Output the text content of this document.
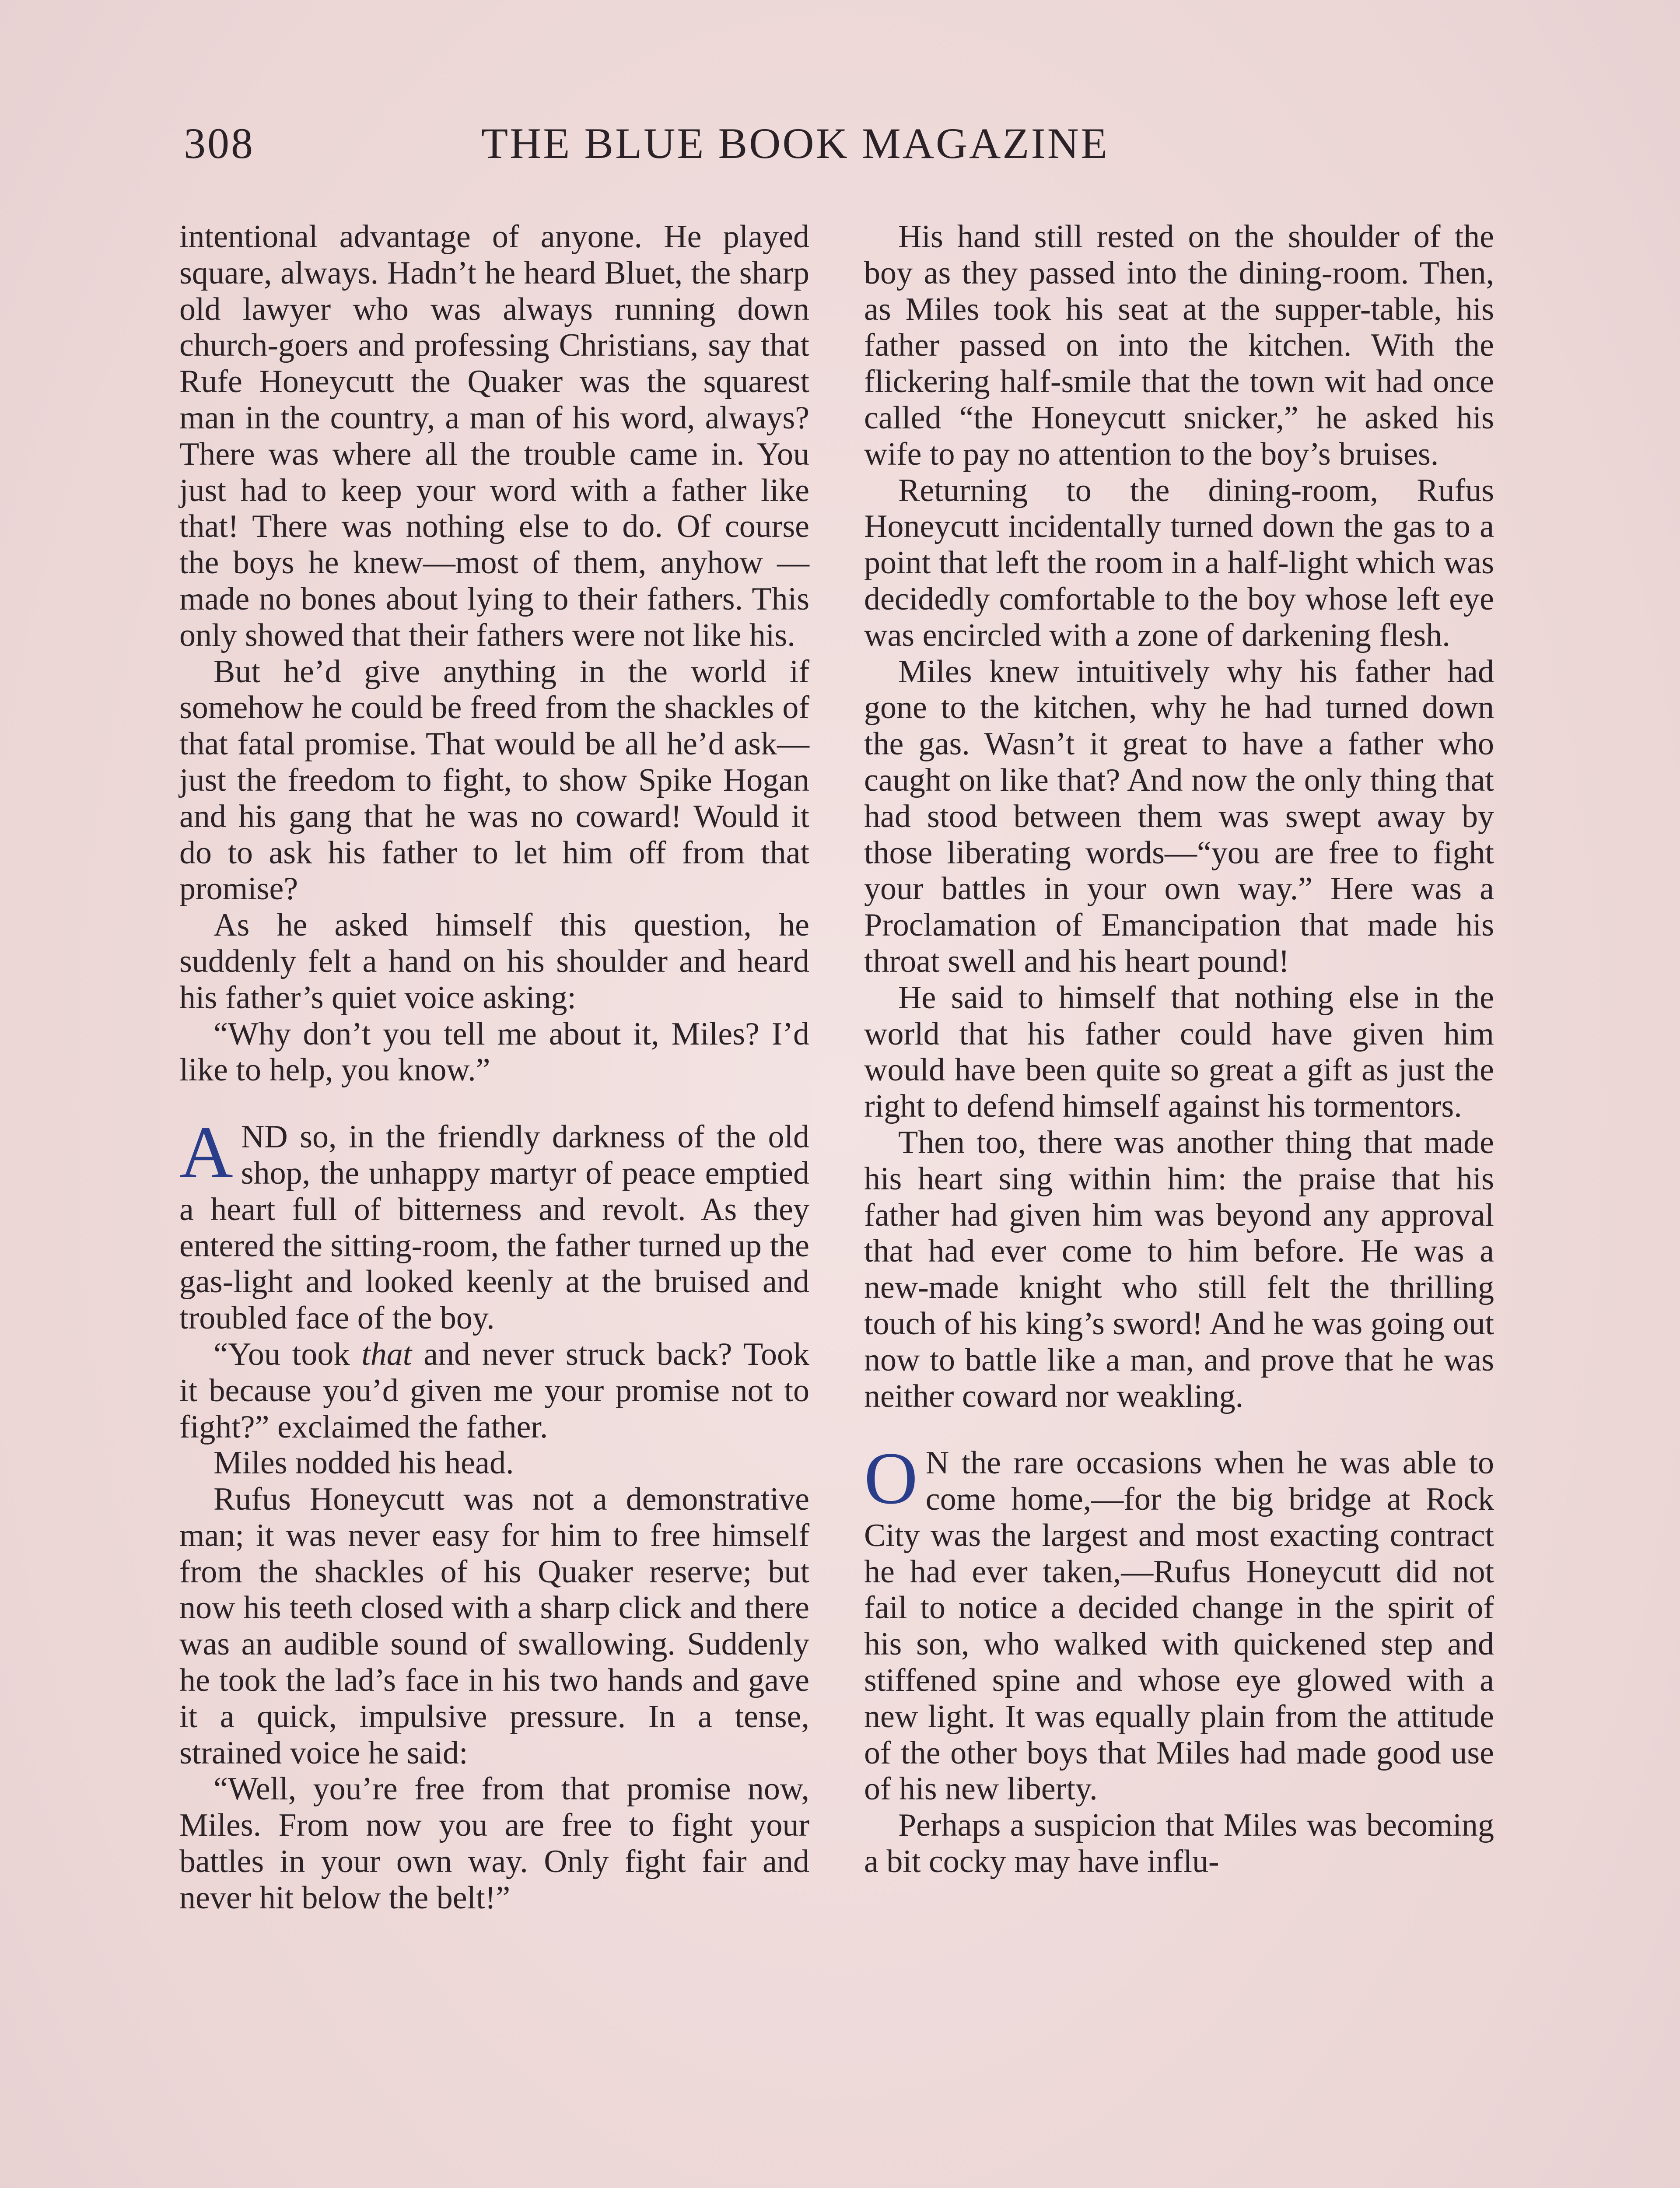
308	THE BLUE BOOK MAGAZINE

intentional advantage of anyone. He played square, always. Hadn’t he heard Bluet, the sharp old lawyer who was always running down church-goers and professing Christians, say that Rufe Honeycutt the Quaker was the squarest man in the country, a man of his word, always? There was where all the trouble came in. You just had to keep your word with a father like that! There was nothing else to do. Of course the boys he knew—most of them, anyhow —made no bones about lying to their fathers. This only showed that their fathers were not like his.

But he’d give anything in the world if somehow he could be freed from the shackles of that fatal promise. That would be all he’d ask—just the freedom to fight, to show Spike Hogan and his gang that he was no coward! Would it do to ask his father to let him off from that promise?

As he asked himself this question, he suddenly felt a hand on his shoulder and heard his father’s quiet voice asking:

“Why don’t you tell me about it, Miles? I’d like to help, you know.”

AND so, in the friendly darkness of the old shop, the unhappy martyr of peace emptied a heart full of bitterness and revolt. As they entered the sitting-room, the father turned up the gas-light and looked keenly at the bruised and troubled face of the boy.

“You took that and never struck back? Took it because you’d given me your promise not to fight?” exclaimed the father.

Miles nodded his head.

Rufus Honeycutt was not a demonstrative man; it was never easy for him to free himself from the shackles of his Quaker reserve; but now his teeth closed with a sharp click and there was an audible sound of swallowing. Suddenly he took the lad’s face in his two hands and gave it a quick, impulsive pressure. In a tense, strained voice he said:

“Well, you’re free from that promise now, Miles. From now you are free to fight your battles in your own way. Only fight fair and never hit below the belt!”

His hand still rested on the shoulder of the boy as they passed into the dining-room. Then, as Miles took his seat at the supper-table, his father passed on into the kitchen. With the flickering half-smile that the town wit had once called “the Honeycutt snicker,” he asked his wife to pay no attention to the boy’s bruises.

Returning to the dining-room, Rufus Honeycutt incidentally turned down the gas to a point that left the room in a half-light which was decidedly comfortable to the boy whose left eye was encircled with a zone of darkening flesh.

Miles knew intuitively why his father had gone to the kitchen, why he had turned down the gas. Wasn’t it great to have a father who caught on like that? And now the only thing that had stood between them was swept away by those liberating words—“you are free to fight your battles in your own way.” Here was a Proclamation of Emancipation that made his throat swell and his heart pound!

He said to himself that nothing else in the world that his father could have given him would have been quite so great a gift as just the right to defend himself against his tormentors.

Then too, there was another thing that made his heart sing within him: the praise that his father had given him was beyond any approval that had ever come to him before. He was a new-made knight who still felt the thrilling touch of his king’s sword! And he was going out now to battle like a man, and prove that he was neither coward nor weakling.

O N the rare occasions when he was able to come home,—for the big bridge at Rock City was the largest and most exacting contract he had ever taken,—Rufus Honeycutt did not fail to notice a decided change in the spirit of his son, who walked with quickened step and stiffened spine and whose eye glowed with a new light. It was equally plain from the attitude of the other boys that Miles had made good use of his new liberty.

Perhaps a suspicion that Miles was becoming a bit cocky may have influ-
